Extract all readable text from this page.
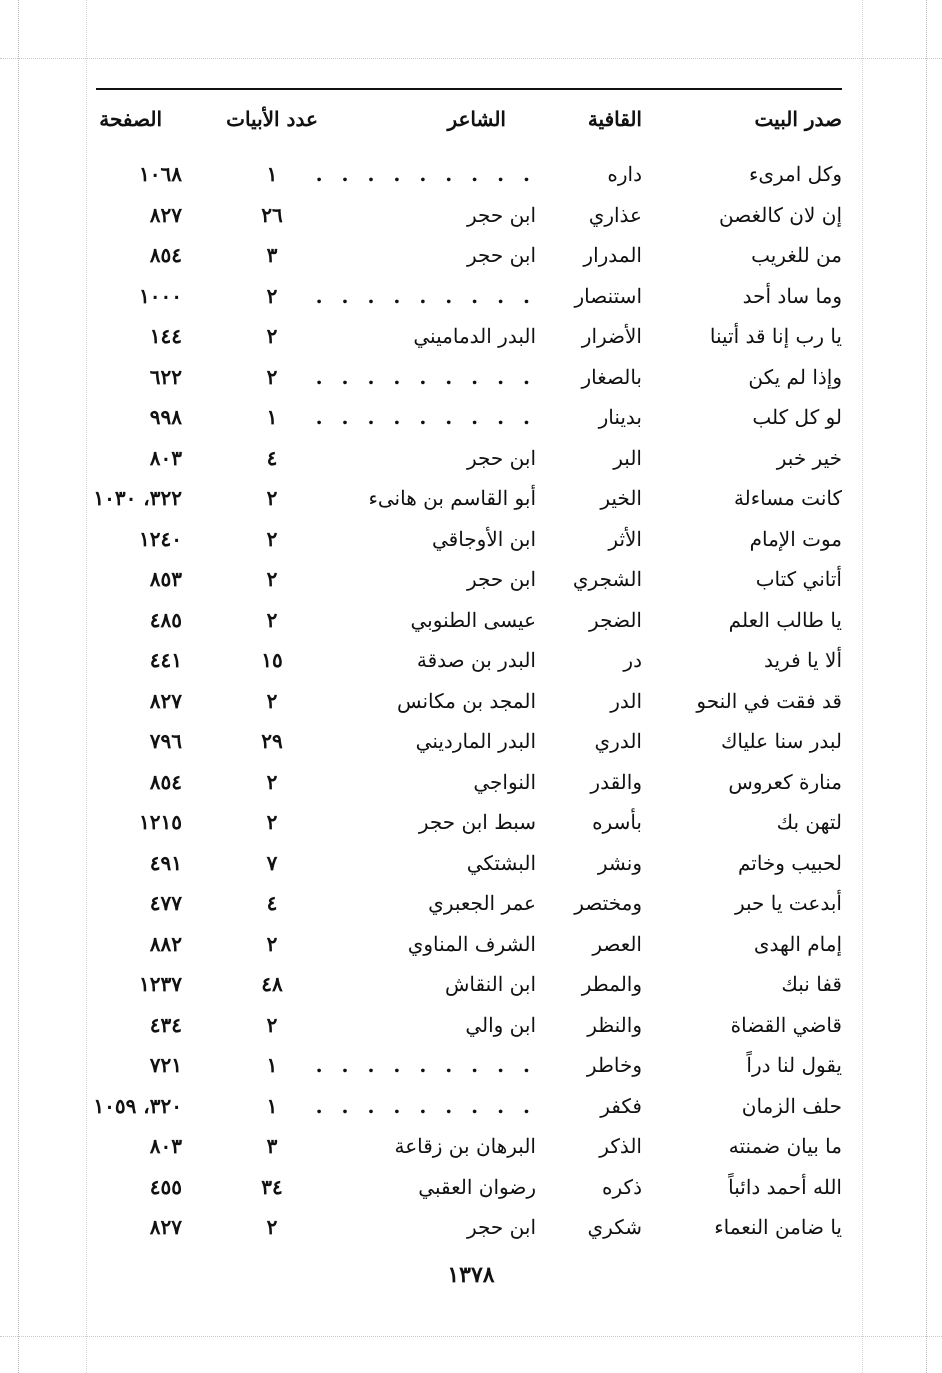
صدر البيت
القافية
الشاعر
عدد الأبيات
الصفحة
وكل امرىء
داره
. . . . . . . . .
١
١٠٦٨
إن لان كالغصن
عذاري
ابن حجر
٢٦
٨٢٧
من للغريب
المدرار
ابن حجر
٣
٨٥٤
وما ساد أحد
استنصار
. . . . . . . . .
٢
١٠٠٠
يا رب إنا قد أتينا
الأضرار
البدر الدماميني
٢
١٤٤
وإذا لم يكن
بالصغار
. . . . . . . . .
٢
٦٢٢
لو كل كلب
بدينار
. . . . . . . . .
١
٩٩٨
خير خبر
البر
ابن حجر
٤
٨٠٣
كانت مساءلة
الخير
أبو القاسم بن هانىء
٢
٣٢٢، ١٠٣٠
موت الإمام
الأثر
ابن الأوجاقي
٢
١٢٤٠
أتاني كتاب
الشجري
ابن حجر
٢
٨٥٣
يا طالب العلم
الضجر
عيسى الطنوبي
٢
٤٨٥
ألا يا فريد
در
البدر بن صدقة
١٥
٤٤١
قد فقت في النحو
الدر
المجد بن مكانس
٢
٨٢٧
لبدر سنا علياك
الدري
البدر المارديني
٢٩
٧٩٦
منارة كعروس
والقدر
النواجي
٢
٨٥٤
لتهن بك
بأسره
سبط ابن حجر
٢
١٢١٥
لحبيب وخاتم
ونشر
البشتكي
٧
٤٩١
أبدعت يا حبر
ومختصر
عمر الجعبري
٤
٤٧٧
إمام الهدى
العصر
الشرف المناوي
٢
٨٨٢
قفا نبك
والمطر
ابن النقاش
٤٨
١٢٣٧
قاضي القضاة
والنظر
ابن والي
٢
٤٣٤
يقول لنا دراً
وخاطر
. . . . . . . . .
١
٧٢١
حلف الزمان
فكفر
. . . . . . . . .
١
٣٢٠، ١٠٥٩
ما بيان ضمنته
الذكر
البرهان بن زقاعة
٣
٨٠٣
الله أحمد دائباً
ذكره
رضوان العقبي
٣٤
٤٥٥
يا ضامن النعماء
شكري
ابن حجر
٢
٨٢٧
١٣٧٨
